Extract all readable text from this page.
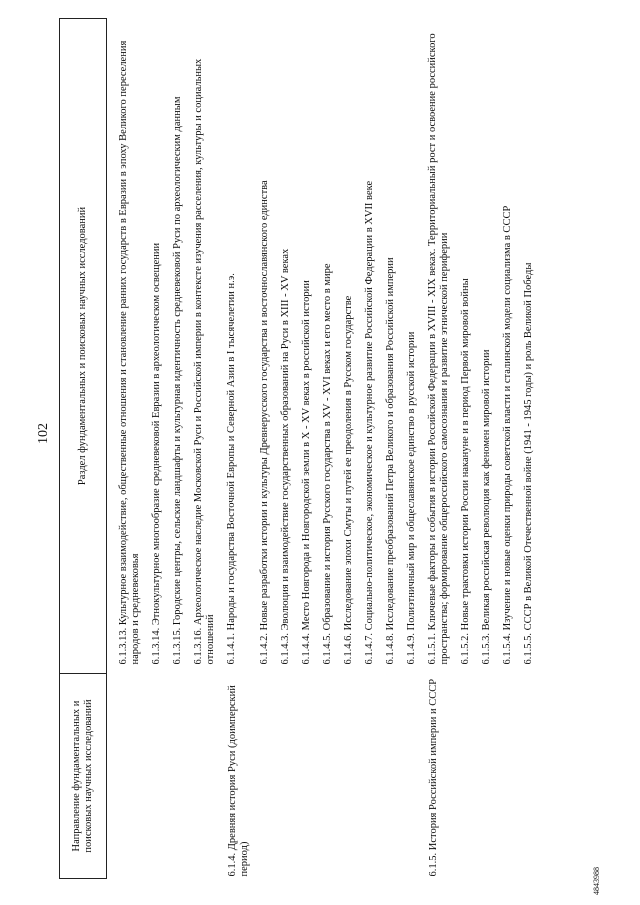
102
Направление фундаментальных и поисковых научных исследований	Раздел фундаментальных и поисковых научных исследований

	6.1.3.13. Культурное взаимодействие, общественные отношения и становление ранних государств в Евразии в эпоху Великого переселения народов и средневековья

	6.1.3.14. Этнокультурное многообразие средневековой Евразии в археологическом освещении

	6.1.3.15. Городские центры, сельские ландшафты и культурная идентичность средневековой Руси по археологическим данным

	6.1.3.16. Археологическое наследие Московской Руси и Российской империи в контексте изучения расселения, культуры и социальных отношений

6.1.4. Древняя история Руси (доимперский период)	6.1.4.1. Народы и государства Восточной Европы и Северной Азии в I тысячелетии н.э.

	6.1.4.2. Новые разработки истории и культуры Древнерусского государства и восточнославянского единства

	6.1.4.3. Эволюция и взаимодействие государственных образований на Руси в XIII - XV веках

	6.1.4.4. Место Новгорода и Новгородской земли в X - XV веках в российской истории

	6.1.4.5. Образование и история Русского государства в XV - XVI веках и его место в мире

	6.1.4.6. Исследование эпохи Смуты и путей ее преодоления в Русском государстве

	6.1.4.7. Социально-политическое, экономическое и культурное развитие Российской Федерации в XVII веке

	6.1.4.8. Исследование преобразований Петра Великого и образования Российской империи

	6.1.4.9. Полиэтничный мир и общеславянское единство в русской истории

6.1.5. История Российской империи и СССР	6.1.5.1. Ключевые факторы и события в истории Российской Федерации в XVIII - XIX веках. Территориальный рост и освоение российского пространства; формирование общероссийского самосознания и развитие этнической периферии

	6.1.5.2. Новые трактовки истории России накануне и в период Первой мировой войны

	6.1.5.3. Великая российская революция как феномен мировой истории

	6.1.5.4. Изучение и новые оценки природы советской власти и сталинской модели социализма в СССР

	6.1.5.5. СССР в Великой Отечественной войне (1941 - 1945 годы) и роль Великой Победы
4843988
